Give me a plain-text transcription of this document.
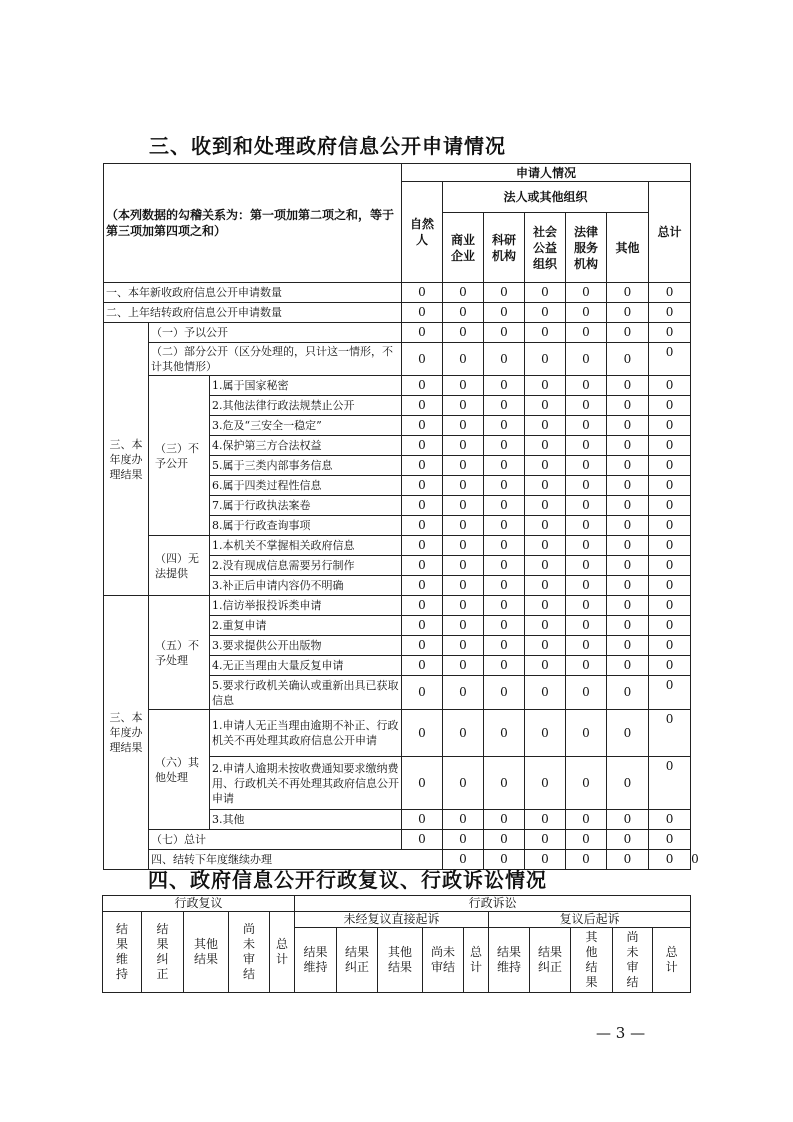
三、收到和处理政府信息公开申请情况
（本列数据的勾稽关系为：第一项加第二项之和，等于第三项加第四项之和）			申请人情况							

			自然人	法人或其他组织					总计	

				商业企业	科研机构	社会公益组织	法律服务机构	其他		
一、本年新收政府信息公开申请数量			0	0	0	0	0	0	0	
二、上年结转政府信息公开申请数量			0	0	0	0	0	0	0	

三、本年度办理结果	（一）予以公开		0	0	0	0	0	0	0	
	（二）部分公开（区分处理的，只计这一情形，不计其他情形）		0	0	0	0	0	0	0	

	（三）不予公开	1.属于国家秘密	0	0	0	0	0	0	0	
		2.其他法律行政法规禁止公开	0	0	0	0	0	0	0	
		3.危及“三安全一稳定”	0	0	0	0	0	0	0	
		4.保护第三方合法权益	0	0	0	0	0	0	0	
		5.属于三类内部事务信息	0	0	0	0	0	0	0	
		6.属于四类过程性信息	0	0	0	0	0	0	0	
		7.属于行政执法案卷	0	0	0	0	0	0	0	
		8.属于行政查询事项	0	0	0	0	0	0	0	

	（四）无法提供	1.本机关不掌握相关政府信息	0	0	0	0	0	0	0	
		2.没有现成信息需要另行制作	0	0	0	0	0	0	0	
		3.补正后申请内容仍不明确	0	0	0	0	0	0	0	

三、本年度办理结果	（五）不予处理	1.信访举报投诉类申请	0	0	0	0	0	0	0	
		2.重复申请	0	0	0	0	0	0	0	
		3.要求提供公开出版物	0	0	0	0	0	0	0	
		4.无正当理由大量反复申请	0	0	0	0	0	0	0	
		5.要求行政机关确认或重新出具已获取信息	0	0	0	0	0	0	0	

	（六）其他处理	1.申请人无正当理由逾期不补正、行政机关不再处理其政府信息公开申请	0	0	0	0	0	0	0	
		2.申请人逾期未按收费通知要求缴纳费用、行政机关不再处理其政府信息公开申请	0	0	0	0	0	0	0	
		3.其他	0	0	0	0	0	0	0	
	（七）总计		0	0	0	0	0	0	0	
	四、结转下年度继续办理			0	0	0	0	0	0	0
四、政府信息公开行政复议、行政诉讼情况
行政复议					行政诉讼									

结果维持	结果纠正	其他结果	尚未审结	总计	未经复议直接起诉					复议后起诉				

					结果维持	结果纠正	其他结果	尚未审结	总计	结果维持	结果纠正	其他结果	尚未审结	总计
— 3 —
